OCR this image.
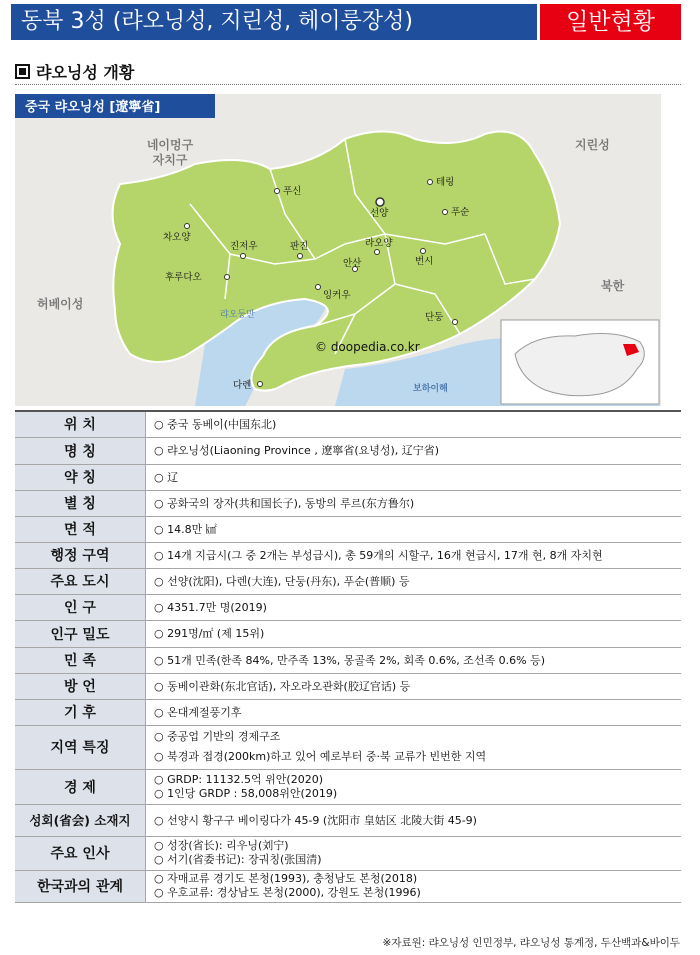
동북 3성 (랴오닝성, 지린성, 헤이룽장성)	일반현황
랴오닝성 개황
중국 랴오닝성 [遼寧省]
네이멍구 자치구
지린성
허베이성
북한
랴오둥만
보하이해
푸신
테링
선양	푸순
차오양
진저우	판진	라오양
번시
안산
후루다오
잉커우
단둥
다롄
© doopedia.co.kr
위 치	○ 중국 동베이(中国东北)

명 칭	○ 랴오닝성(Liaoning Province , 遼寧省(요녕성), 辽宁省)

약 칭	○ 辽

별 칭	○ 공화국의 장자(共和国长子), 동방의 루르(东方鲁尔)

면 적	○ 14.8만 ㎢

행정 구역	○ 14개 지급시(그 중 2개는 부성급시), 총 59개의 시할구, 16개 현급시, 17개 현, 8개 자치현

주요 도시	○ 선양(沈阳), 다렌(大连), 단둥(丹东), 푸순(普顺) 등

인 구	○ 4351.7만 명(2019)

인구 밀도	○ 291명/㎡ (제 15위)

민 족	○ 51개 민족(한족 84%, 만주족 13%, 몽골족 2%, 회족 0.6%, 조선족 0.6% 등)

방 언	○ 동베이관화(东北官话), 자오라오관화(胶辽官话) 등

기 후	○ 온대계절풍기후

지역 특징	○ 중공업 기반의 경제구조
○ 북경과 접경(200km)하고 있어 예로부터 중·북 교류가 빈번한 지역

경 제	○ GRDP: 11132.5억 위안(2020)
○ 1인당 GRDP : 58,008위안(2019)

성회(省会) 소재지	○ 선양시 황구구 베이링다가 45-9 (沈阳市 皇姑区 北陵大街 45-9)

주요 인사	○ 성장(省长): 리우닝(刘宁)
○ 서기(省委书记): 장궈칭(张国清)

한국과의 관계	○ 자매교류 경기도 본청(1993), 충청남도 본청(2018)
○ 우호교류: 경상남도 본청(2000), 강원도 본청(1996)
※자료원: 랴오닝성 인민정부, 랴오닝성 통계정, 두산백과&바이두
